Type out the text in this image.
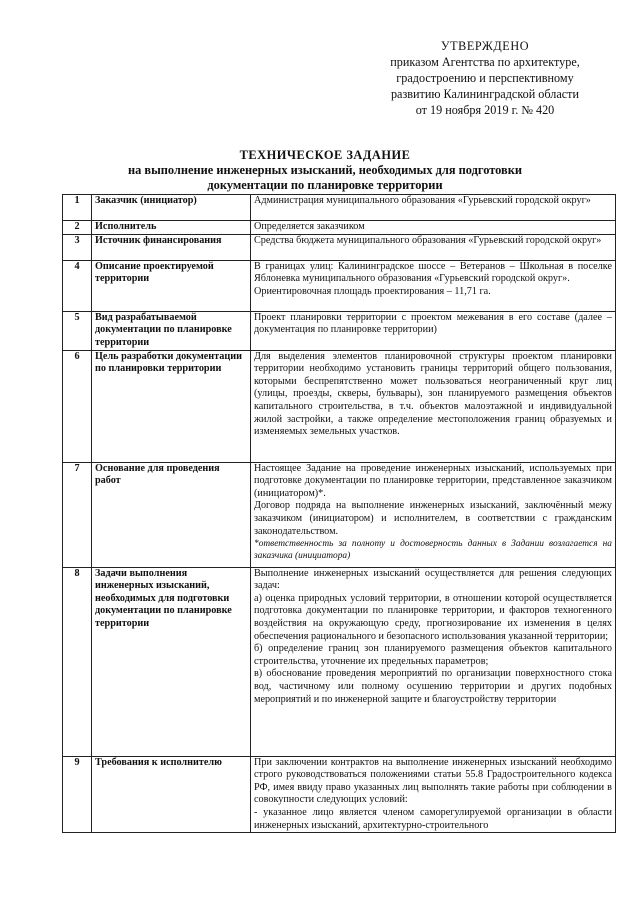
УТВЕРЖДЕНО
приказом Агентства по архитектуре,
градостроению и перспективному
развитию Калининградской области
от 19 ноября 2019 г. № 420
ТЕХНИЧЕСКОЕ ЗАДАНИЕ
на выполнение инженерных изысканий, необходимых для подготовки
документации по планировке территории
1	Заказчик (инициатор)	Администрация муниципального образования «Гурьевский городской округ»

2	Исполнитель	Определяется заказчиком

3	Источник финансирования	Средства бюджета муниципального образования «Гурьевский городской округ»

4	Описание проектируемой территории	В границах улиц: Калининградское шоссе – Ветеранов – Школьная в поселке Яблоневка муниципального образования «Гурьевский городской округ».

Ориентировочная площадь проектирования – 11,71 га.

5	Вид разрабатываемой документации по планировке территории	Проект планировки территории с проектом межевания в его составе (далее – документация по планировке территории)

6	Цель разработки документации по планировки территории	Для выделения элементов планировочной структуры проектом планировки территории необходимо установить границы территорий общего пользования, которыми беспрепятственно может пользоваться неограниченный круг лиц (улицы, проезды, скверы, бульвары), зон планируемого размещения объектов капитального строительства, в т.ч. объектов малоэтажной и индивидуальной жилой застройки, а также определение местоположения границ образуемых и изменяемых земельных участков.

7	Основание для проведения работ	Настоящее Задание на проведение инженерных изысканий, используемых при подготовке документации по планировке территории, представленное заказчиком (инициатором)*.

Договор подряда на выполнение инженерных изысканий, заключённый межу заказчиком (инициатором) и исполнителем, в соответствии с гражданским законодательством.

*ответственность за полноту и достоверность данных в Задании возлагается на заказчика (инициатора)

8	Задачи выполнения инженерных изысканий, необходимых для подготовки документации по планировке территории	Выполнение инженерных изысканий осуществляется для решения следующих задач:

а) оценка природных условий территории, в отношении которой осуществляется подготовка документации по планировке территории, и факторов техногенного воздействия на окружающую среду, прогнозирование их изменения в целях обеспечения рационального и безопасного использования указанной территории;

б) определение границ зон планируемого размещения объектов капитального строительства, уточнение их предельных параметров;

в) обоснование проведения мероприятий по организации поверхностного стока вод, частичному или полному осушению территории и других подобных мероприятий и по инженерной защите и благоустройству территории

9	Требования к исполнителю	При заключении контрактов на выполнение инженерных изысканий необходимо строго руководствоваться положениями статьи 55.8 Градостроительного кодекса РФ, имея ввиду право указанных лиц выполнять такие работы при соблюдении в совокупности следующих условий:

- указанное лицо является членом саморегулируемой организации в области инженерных изысканий, архитектурно-строительного
